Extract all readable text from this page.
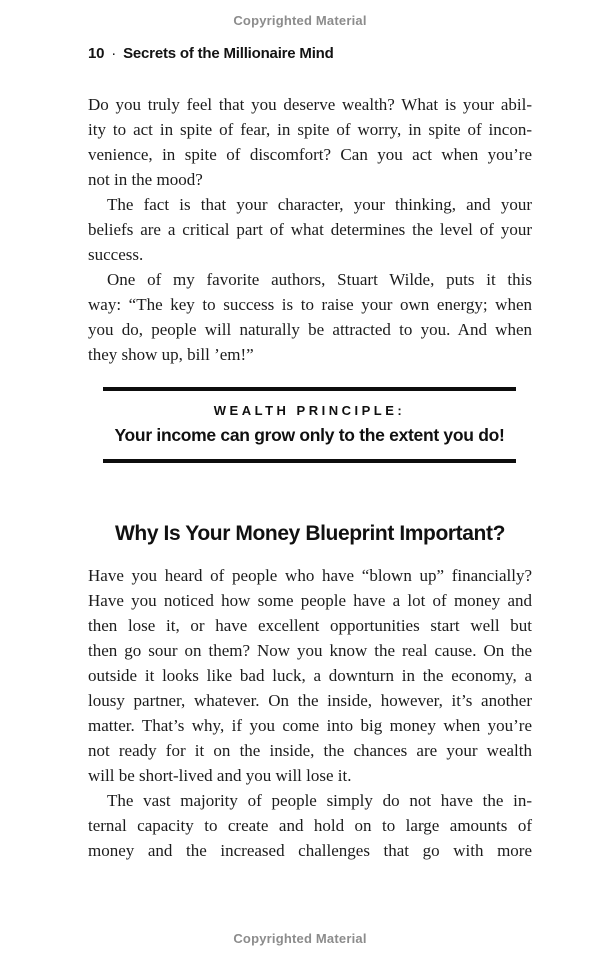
Copyrighted Material
10 · Secrets of the Millionaire Mind
Do you truly feel that you deserve wealth? What is your abil-
ity to act in spite of fear, in spite of worry, in spite of incon-
venience, in spite of discomfort? Can you act when you’re
not in the mood?
The fact is that your character, your thinking, and your
beliefs are a critical part of what determines the level of your
success.
One of my favorite authors, Stuart Wilde, puts it this
way: “The key to success is to raise your own energy; when
you do, people will naturally be attracted to you. And when
they show up, bill ’em!”
WEALTH PRINCIPLE:
Your income can grow only to the extent you do!
Why Is Your Money Blueprint Important?
Have you heard of people who have “blown up” financially?
Have you noticed how some people have a lot of money and
then lose it, or have excellent opportunities start well but
then go sour on them? Now you know the real cause. On the
outside it looks like bad luck, a downturn in the economy, a
lousy partner, whatever. On the inside, however, it’s another
matter. That’s why, if you come into big money when you’re
not ready for it on the inside, the chances are your wealth
will be short-lived and you will lose it.
The vast majority of people simply do not have the in-
ternal capacity to create and hold on to large amounts of
money and the increased challenges that go with more
Copyrighted Material
